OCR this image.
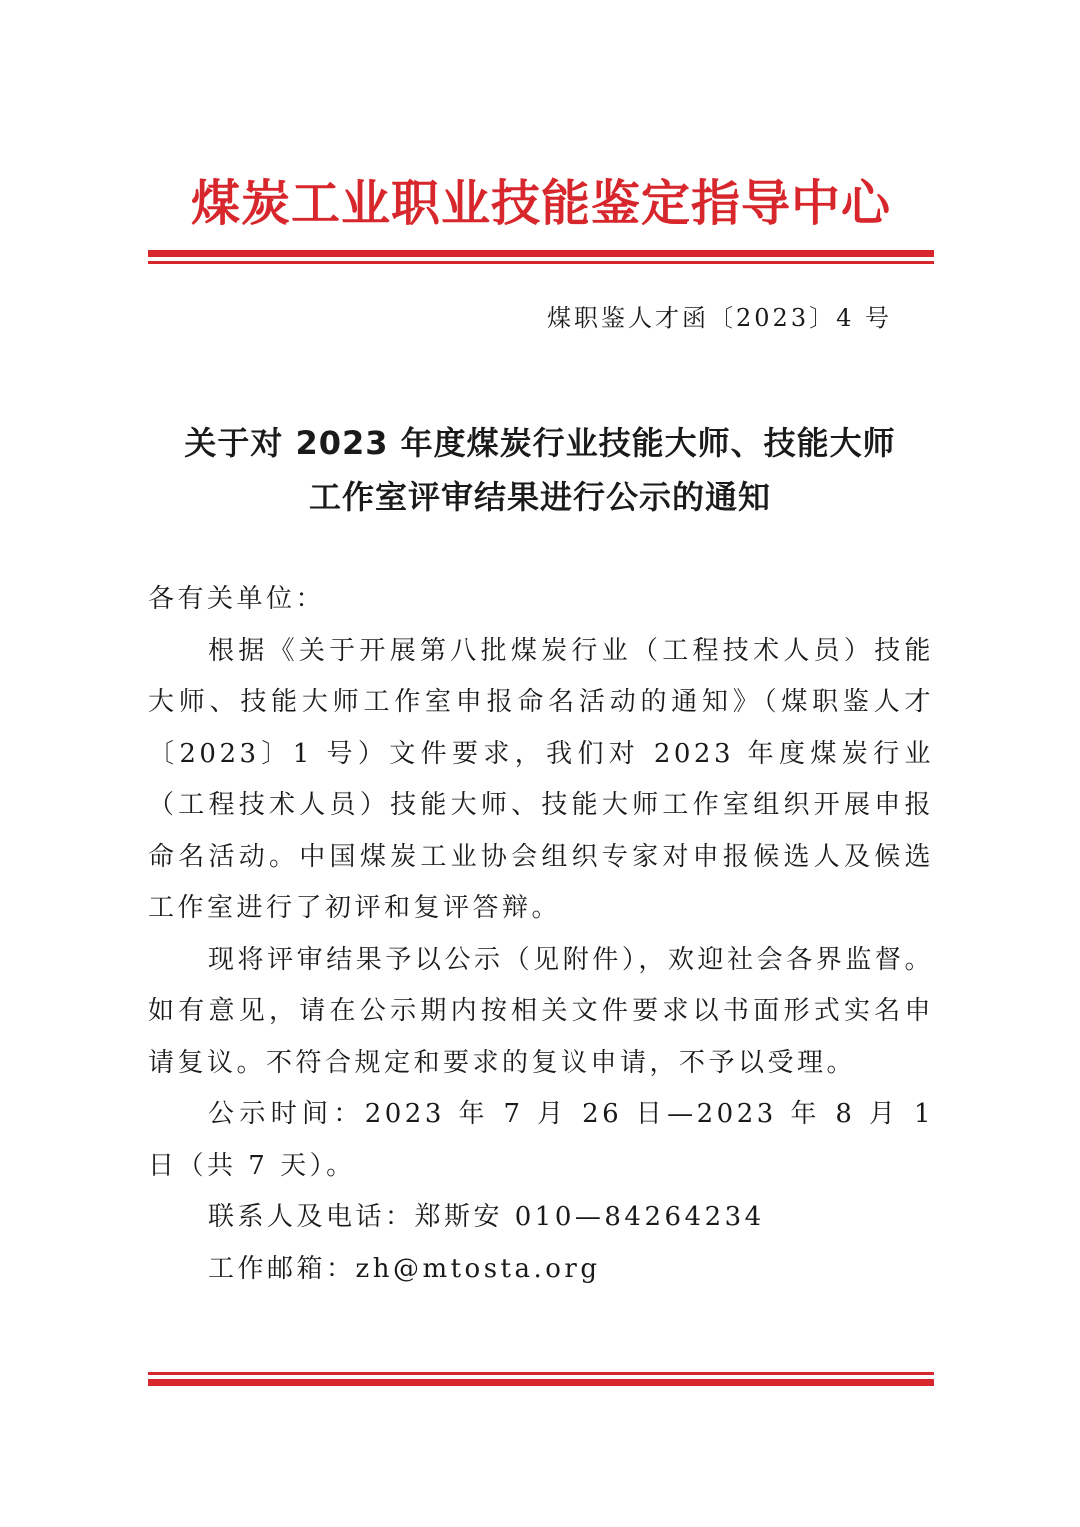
煤炭工业职业技能鉴定指导中心
煤职鉴人才函〔2023〕4 号
关于对 2023 年度煤炭行业技能大师、技能大师
工作室评审结果进行公示的通知

各有关单位：

根据《关于开展第八批煤炭行业（工程技术人员）技能大师、技能大师工作室申报命名活动的通知》（煤职鉴人才〔2023〕1 号）文件要求，我们对 2023 年度煤炭行业（工程技术人员）技能大师、技能大师工作室组织开展申报命名活动。中国煤炭工业协会组织专家对申报候选人及候选工作室进行了初评和复评答辩。

现将评审结果予以公示（见附件），欢迎社会各界监督。如有意见，请在公示期内按相关文件要求以书面形式实名申请复议。不符合规定和要求的复议申请，不予以受理。

公示时间：2023 年 7 月 26 日—2023 年 8 月 1 日（共 7 天）。

联系人及电话：郑斯安 010—84264234

工作邮箱：zh@mtosta.org
